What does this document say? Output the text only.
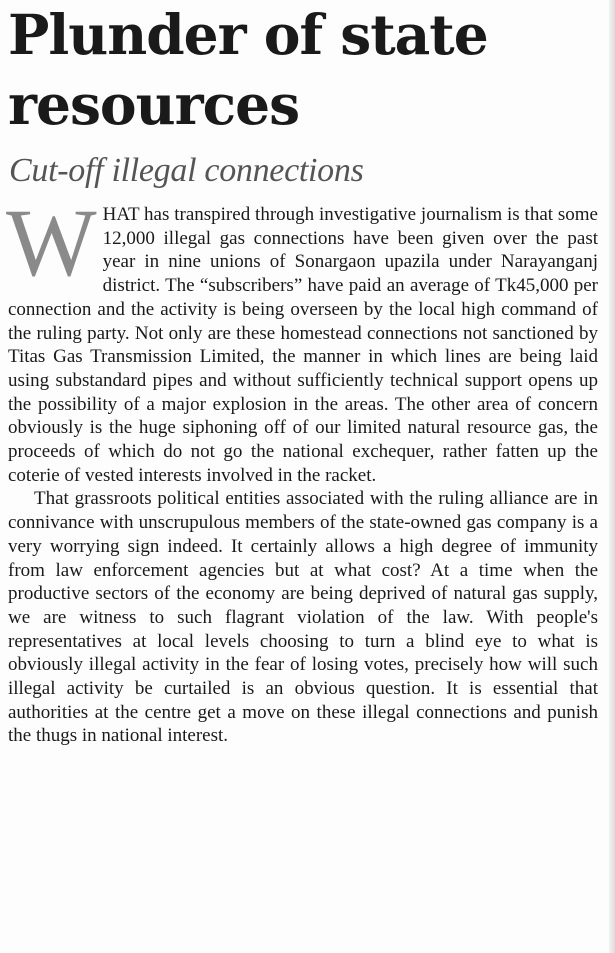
Plunder of state resources
Cut-off illegal connections

WHAT has transpired through investigative journalism is that some 12,000 illegal gas connections have been given over the past year in nine unions of Sonargaon upazila under Narayanganj district. The “subscribers” have paid an average of Tk45,000 per connection and the activity is being overseen by the local high command of the ruling party. Not only are these homestead connections not sanctioned by Titas Gas Transmission Limited, the manner in which lines are being laid using substandard pipes and without sufficiently technical support opens up the possibility of a major explosion in the areas. The other area of concern obviously is the huge siphoning off of our limited natural resource gas, the proceeds of which do not go the national exchequer, rather fatten up the coterie of vested interests involved in the racket.

That grassroots political entities associated with the ruling alliance are in connivance with unscrupulous members of the state-owned gas company is a very worrying sign indeed. It certainly allows a high degree of immunity from law enforcement agencies but at what cost? At a time when the productive sectors of the economy are being deprived of natural gas supply, we are witness to such flagrant violation of the law. With people's representatives at local levels choosing to turn a blind eye to what is obviously illegal activity in the fear of losing votes, precisely how will such illegal activity be curtailed is an obvious question. It is essential that authorities at the centre get a move on these illegal connections and punish the thugs in national interest.
